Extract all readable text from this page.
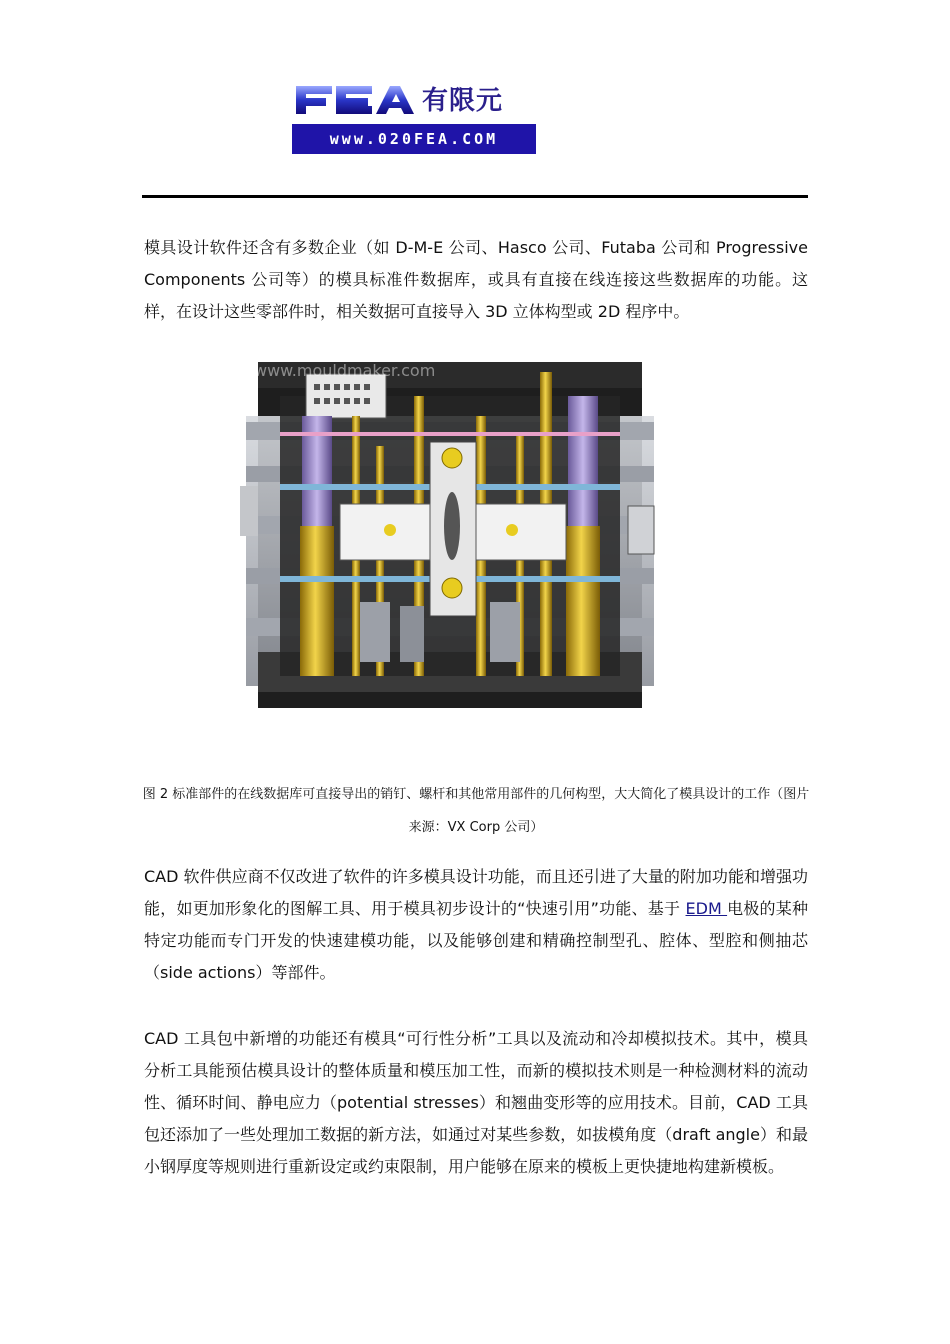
有限元
www.020FEA.COM

模具设计软件还含有多数企业（如 D-M-E 公司、Hasco 公司、Futaba 公司和 Progressive Components 公司等）的模具标准件数据库，或具有直接在线连接这些数据库的功能。这样，在设计这些零部件时，相关数据可直接导入 3D 立体构型或 2D 程序中。

www.mouldmaker.com

图 2 标准部件的在线数据库可直接导出的销钉、螺杆和其他常用部件的几何构型，大大简化了模具设计的工作（图片来源：VX Corp 公司）

CAD 软件供应商不仅改进了软件的许多模具设计功能，而且还引进了大量的附加功能和增强功能，如更加形象化的图解工具、用于模具初步设计的“快速引用”功能、基于 EDM 电极的某种特定功能而专门开发的快速建模功能，以及能够创建和精确控制型孔、腔体、型腔和侧抽芯（side actions）等部件。

CAD 工具包中新增的功能还有模具“可行性分析”工具以及流动和冷却模拟技术。其中，模具分析工具能预估模具设计的整体质量和模压加工性，而新的模拟技术则是一种检测材料的流动性、循环时间、静电应力（potential stresses）和翘曲变形等的应用技术。目前，CAD 工具包还添加了一些处理加工数据的新方法，如通过对某些参数，如拔模角度（draft angle）和最小钢厚度等规则进行重新设定或约束限制，用户能够在原来的模板上更快捷地构建新模板。
